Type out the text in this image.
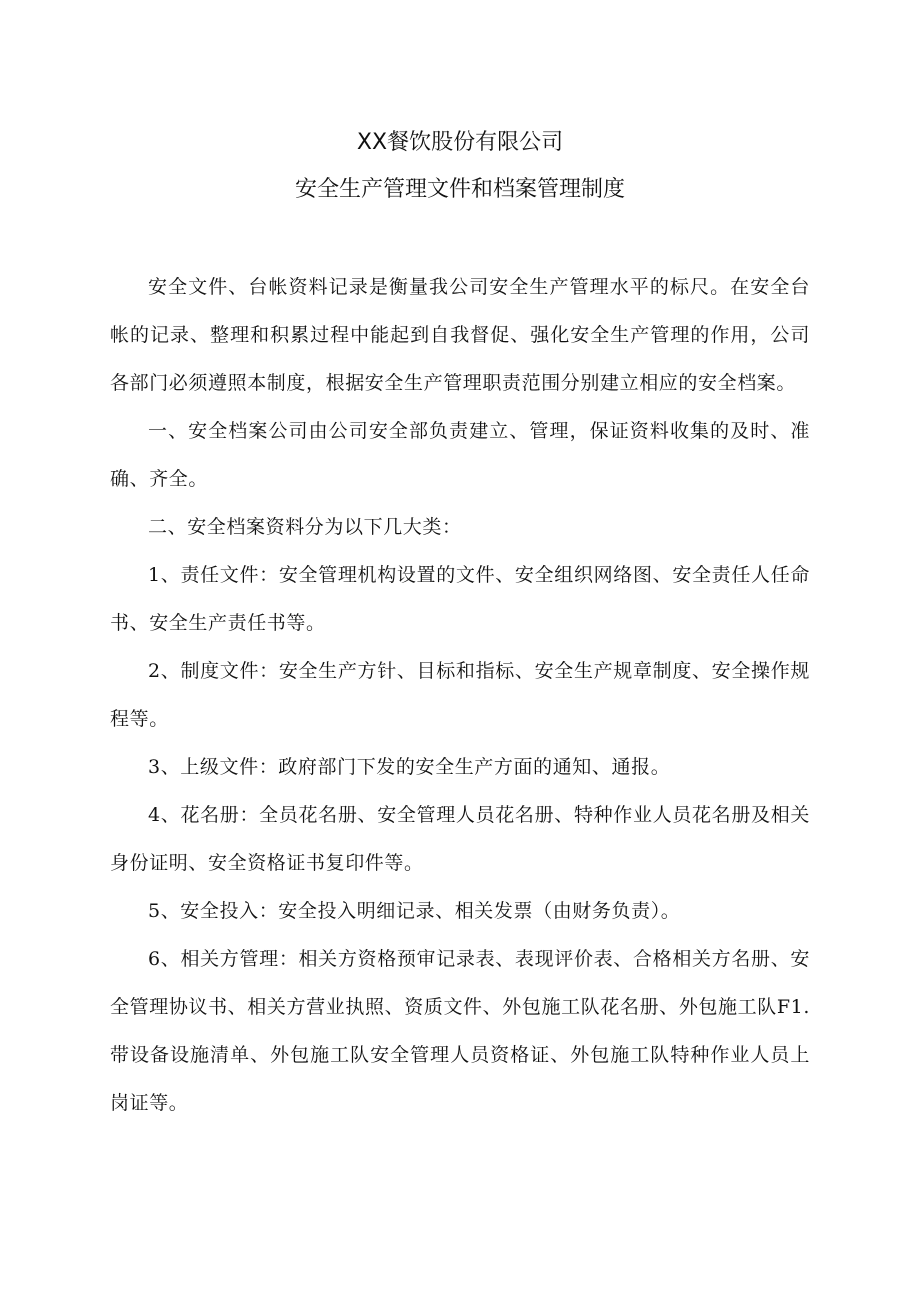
XX餐饮股份有限公司
安全生产管理文件和档案管理制度

安全文件、台帐资料记录是衡量我公司安全生产管理水平的标尺。在安全台帐的记录、整理和积累过程中能起到自我督促、强化安全生产管理的作用，公司各部门必须遵照本制度，根据安全生产管理职责范围分别建立相应的安全档案。

一、安全档案公司由公司安全部负责建立、管理，保证资料收集的及时、准确、齐全。

二、安全档案资料分为以下几大类：

1、责任文件：安全管理机构设置的文件、安全组织网络图、安全责任人任命书、安全生产责任书等。

2、制度文件：安全生产方针、目标和指标、安全生产规章制度、安全操作规程等。

3、上级文件：政府部门下发的安全生产方面的通知、通报。

4、花名册：全员花名册、安全管理人员花名册、特种作业人员花名册及相关身份证明、安全资格证书复印件等。

5、安全投入：安全投入明细记录、相关发票（由财务负责）。

6、相关方管理：相关方资格预审记录表、表现评价表、合格相关方名册、安全管理协议书、相关方营业执照、资质文件、外包施工队花名册、外包施工队F1.带设备设施清单、外包施工队安全管理人员资格证、外包施工队特种作业人员上岗证等。
